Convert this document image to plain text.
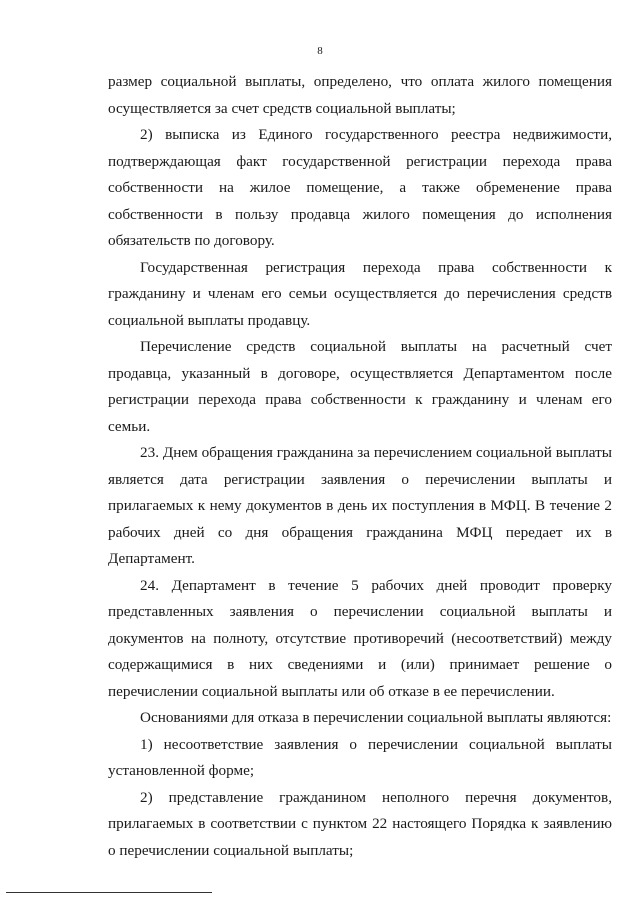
8

размер социальной выплаты, определено, что оплата жилого помещения осуществляется за счет средств социальной выплаты;

2) выписка из Единого государственного реестра недвижимости, подтверждающая факт государственной регистрации перехода права собственности на жилое помещение, а также обременение права собственности в пользу продавца жилого помещения до исполнения обязательств по договору.

Государственная регистрация перехода права собственности к гражданину и членам его семьи осуществляется до перечисления средств социальной выплаты продавцу.

Перечисление средств социальной выплаты на расчетный счет продавца, указанный в договоре, осуществляется Департаментом после регистрации перехода права собственности к гражданину и членам его семьи.

23. Днем обращения гражданина за перечислением социальной выплаты является дата регистрации заявления о перечислении выплаты и прилагаемых к нему документов в день их поступления в МФЦ. В течение 2 рабочих дней со дня обращения гражданина МФЦ передает их в Департамент.

24. Департамент в течение 5 рабочих дней проводит проверку представленных заявления о перечислении социальной выплаты и документов на полноту, отсутствие противоречий (несоответствий) между содержащимися в них сведениями и (или) принимает решение о перечислении социальной выплаты или об отказе в ее перечислении.

Основаниями для отказа в перечислении социальной выплаты являются:

1) несоответствие заявления о перечислении социальной выплаты установленной форме;

2) представление гражданином неполного перечня документов, прилагаемых в соответствии с пунктом 22 настоящего Порядка к заявлению о перечислении социальной выплаты;
